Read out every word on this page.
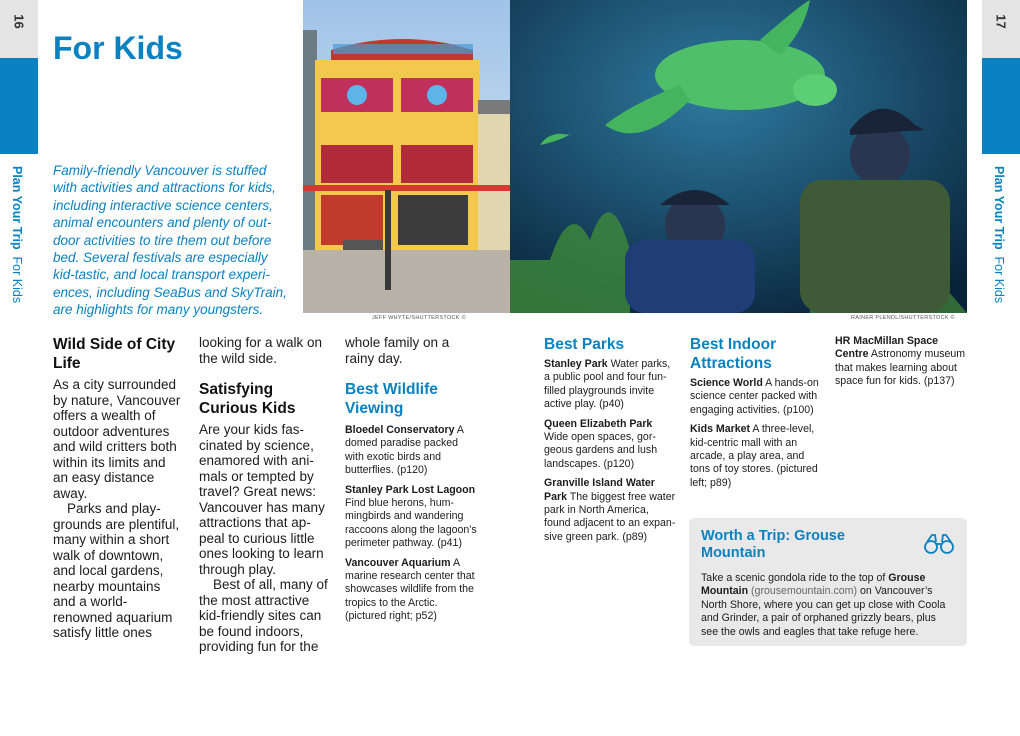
16
Plan Your Trip  For Kids
17
Plan Your Trip  For Kids
For Kids

Family-friendly Vancouver is stuffed with activities and attractions for kids, including interactive science centers, animal encounters and plenty of out-door activities to tire them out before bed. Several festivals are especially kid-tastic, and local transport experi-ences, including SeaBus and SkyTrain, are highlights for many youngsters.

JEFF WHYTE/SHUTTERSTOCK ©	RAINER PLENDL/SHUTTERSTOCK ©
Wild Side of City Life

As a city surrounded by nature, Vancouver offers a wealth of outdoor adventures and wild critters both within its limits and an easy distance away.

Parks and play-grounds are plentiful, many within a short walk of downtown, and local gardens, nearby mountains and a world-renowned aquarium satisfy little ones

looking for a walk on the wild side.

Satisfying Curious Kids

Are your kids fas-cinated by science, enamored with ani-mals or tempted by travel? Great news: Vancouver has many attractions that ap-peal to curious little ones looking to learn through play.

Best of all, many of the most attractive kid-friendly sites can be found indoors, providing fun for the

whole family on a rainy day.

Best Wildlife Viewing
Bloedel Conservatory A domed paradise packed with exotic birds and butterflies. (p120)
Stanley Park Lost Lagoon Find blue herons, hum-mingbirds and wandering raccoons along the lagoon’s perimeter pathway. (p41)
Vancouver Aquarium A marine research center that showcases wildlife from the tropics to the Arctic. (pictured right; p52)
Best Parks
Stanley Park Water parks, a public pool and four fun-filled playgrounds invite active play. (p40)
Queen Elizabeth Park Wide open spaces, gor-geous gardens and lush landscapes. (p120)
Granville Island Water Park The biggest free water park in North America, found adjacent to an expan-sive green park. (p89)
Best Indoor Attractions
Science World A hands-on science center packed with engaging activities. (p100)
Kids Market A three-level, kid-centric mall with an arcade, a play area, and tons of toy stores. (pictured left; p89)
HR MacMillan Space Centre Astronomy museum that makes learning about space fun for kids. (p137)
Worth a Trip: Grouse Mountain
Take a scenic gondola ride to the top of Grouse Mountain (grousemountain.com) on Vancouver’s North Shore, where you can get up close with Coola and Grinder, a pair of orphaned grizzly bears, plus see the owls and eagles that take refuge here.
